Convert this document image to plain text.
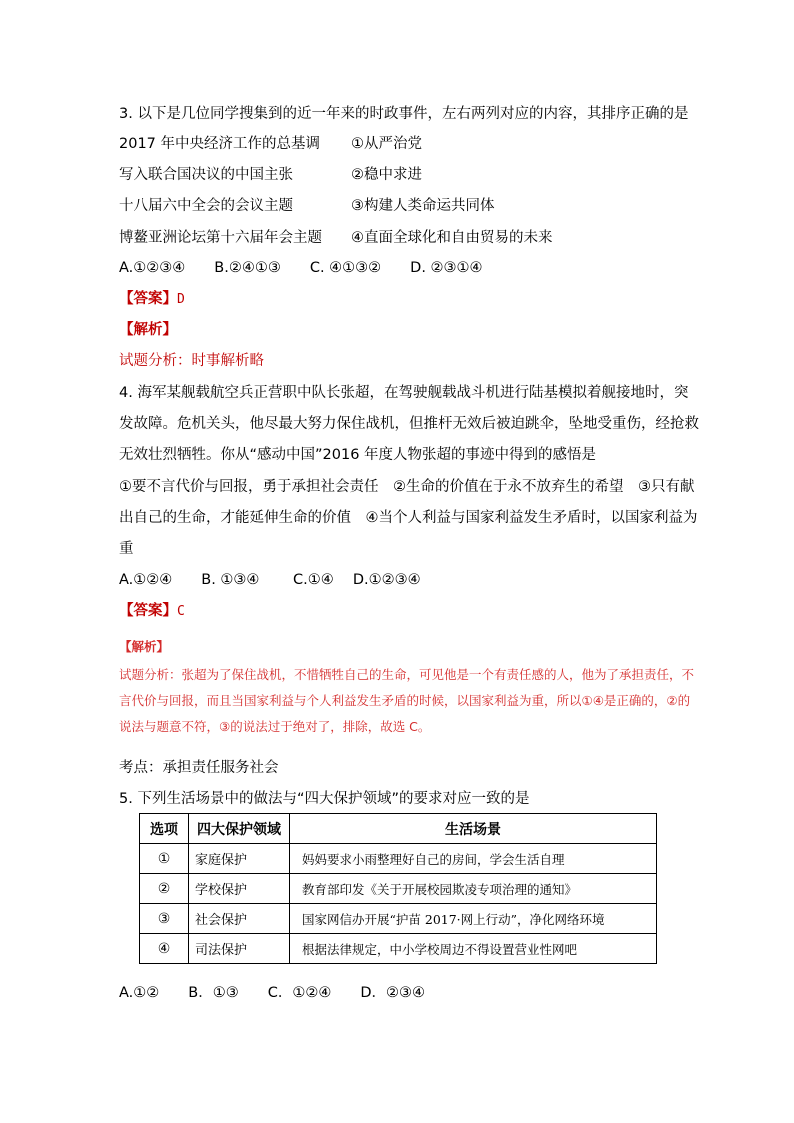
3. 以下是几位同学搜集到的近一年来的时政事件，左右两列对应的内容，其排序正确的是
2017 年中央经济工作的总基调 ①从严治党
写入联合国决议的中国主张	②稳中求进
十八届六中全会的会议主题	③构建人类命运共同体
博鳌亚洲论坛第十六届年会主题 ④直面全球化和自由贸易的未来
A.①②③④　　B.②④①③　　C. ④①③②　　D. ②③①④
【答案】D
【解析】
试题分析：时事解析略
4. 海军某舰载航空兵正营职中队长张超，在驾驶舰载战斗机进行陆基模拟着舰接地时，突
发故障。危机关头，他尽最大努力保住战机，但推杆无效后被迫跳伞，坠地受重伤，经抢救
无效壮烈牺牲。你从“感动中国”2016 年度人物张超的事迹中得到的感悟是
①要不言代价与回报，勇于承担社会责任　②生命的价值在于永不放弃生的希望　③只有献
出自己的生命，才能延伸生命的价值　④当个人利益与国家利益发生矛盾时，以国家利益为
重
A.①②④　　B. ①③④　　 C.①④　 D.①②③④
【答案】C
【解析】
试题分析：张超为了保住战机，不惜牺牲自己的生命，可见他是一个有责任感的人，他为了承担责任，不
言代价与回报，而且当国家利益与个人利益发生矛盾的时候，以国家利益为重，所以①④是正确的，②的
说法与题意不符，③的说法过于绝对了，排除，故选 C。
考点：承担责任服务社会
5. 下列生活场景中的做法与“四大保护领域”的要求对应一致的是
选项	四大保护领域	生活场景
①	家庭保护	妈妈要求小雨整理好自己的房间，学会生活自理
②	学校保护	教育部印发《关于开展校园欺凌专项治理的通知》
③	社会保护	国家网信办开展“护苗 2017·网上行动”，净化网络环境
④	司法保护	根据法律规定，中小学校周边不得设置营业性网吧
A.①②　　B．①③　　C．①②④　　D．②③④
